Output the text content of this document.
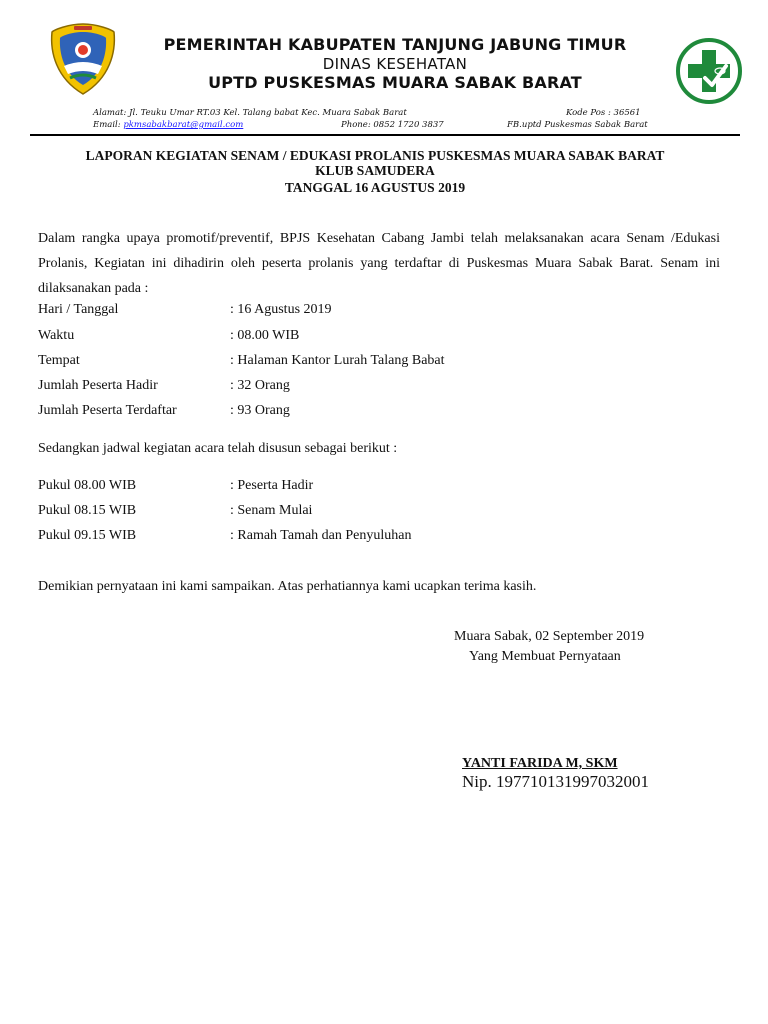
PEMERINTAH KABUPATEN TANJUNG JABUNG TIMUR
DINAS KESEHATAN
UPTD PUSKESMAS MUARA SABAK BARAT
Alamat: Jl. Teuku Umar RT.03 Kel. Talang babat Kec. Muara Sabak Barat	Kode Pos : 36561
Email: pkmsabakbarat@gmail.com	Phone: 0852 1720 3837	FB.uptd Puskesmas Sabak Barat
LAPORAN KEGIATAN SENAM / EDUKASI PROLANIS PUSKESMAS MUARA SABAK BARAT
KLUB SAMUDERA
TANGGAL 16 AGUSTUS 2019
Dalam rangka upaya promotif/preventif, BPJS Kesehatan Cabang Jambi telah melaksanakan acara Senam /Edukasi Prolanis, Kegiatan ini dihadirin oleh peserta prolanis yang terdaftar di Puskesmas Muara Sabak Barat. Senam ini dilaksanakan pada :
Hari / Tanggal	: 16 Agustus 2019
Waktu	: 08.00 WIB
Tempat	: Halaman Kantor Lurah Talang Babat
Jumlah Peserta Hadir	: 32 Orang
Jumlah Peserta Terdaftar	: 93 Orang
Sedangkan jadwal kegiatan acara telah disusun sebagai berikut :
Pukul 08.00 WIB	: Peserta Hadir
Pukul 08.15 WIB	: Senam Mulai
Pukul 09.15 WIB	: Ramah Tamah dan Penyuluhan
Demikian pernyataan ini kami sampaikan. Atas perhatiannya kami ucapkan terima kasih.
Muara Sabak, 02 September 2019
Yang Membuat Pernyataan
YANTI FARIDA M, SKM
Nip. 197710131997032001
